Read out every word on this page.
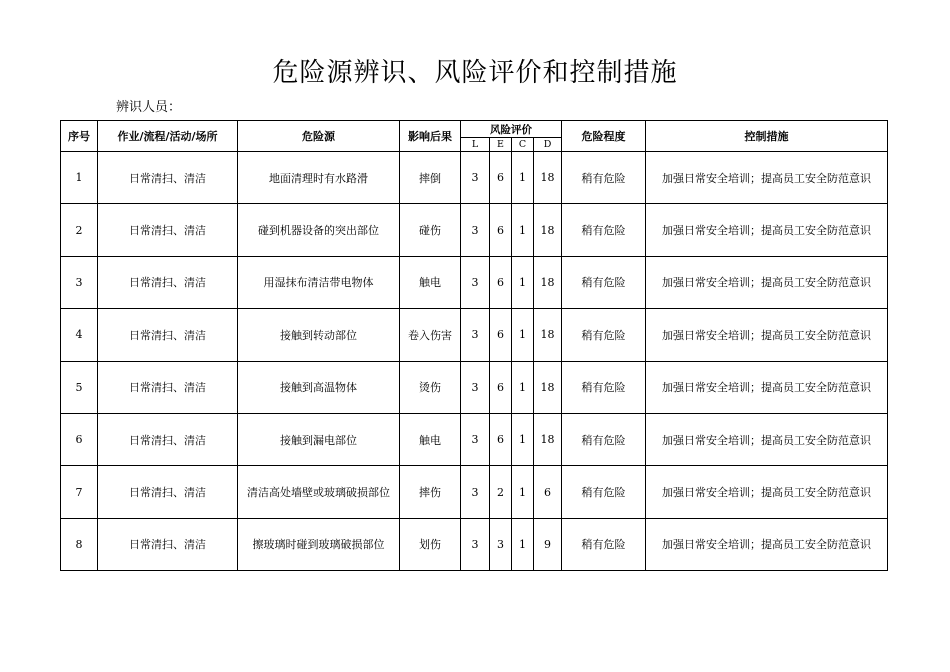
危险源辨识、风险评价和控制措施
辨识人员：
序号	作业/流程/活动/场所	危险源	影响后果	风险评价				危险程度	控制措施
				L	E	C	D		
1	日常清扫、清洁	地面清理时有水路滑	摔倒	3	6	1	18	稍有危险	加强日常安全培训；提高员工安全防范意识
2	日常清扫、清洁	碰到机器设备的突出部位	碰伤	3	6	1	18	稍有危险	加强日常安全培训；提高员工安全防范意识
3	日常清扫、清洁	用湿抹布清洁带电物体	触电	3	6	1	18	稍有危险	加强日常安全培训；提高员工安全防范意识
4	日常清扫、清洁	接触到转动部位	卷入伤害	3	6	1	18	稍有危险	加强日常安全培训；提高员工安全防范意识
5	日常清扫、清洁	接触到高温物体	烫伤	3	6	1	18	稍有危险	加强日常安全培训；提高员工安全防范意识
6	日常清扫、清洁	接触到漏电部位	触电	3	6	1	18	稍有危险	加强日常安全培训；提高员工安全防范意识
7	日常清扫、清洁	清洁高处墙壁或玻璃破损部位	摔伤	3	2	1	6	稍有危险	加强日常安全培训；提高员工安全防范意识
8	日常清扫、清洁	擦玻璃时碰到玻璃破损部位	划伤	3	3	1	9	稍有危险	加强日常安全培训；提高员工安全防范意识
